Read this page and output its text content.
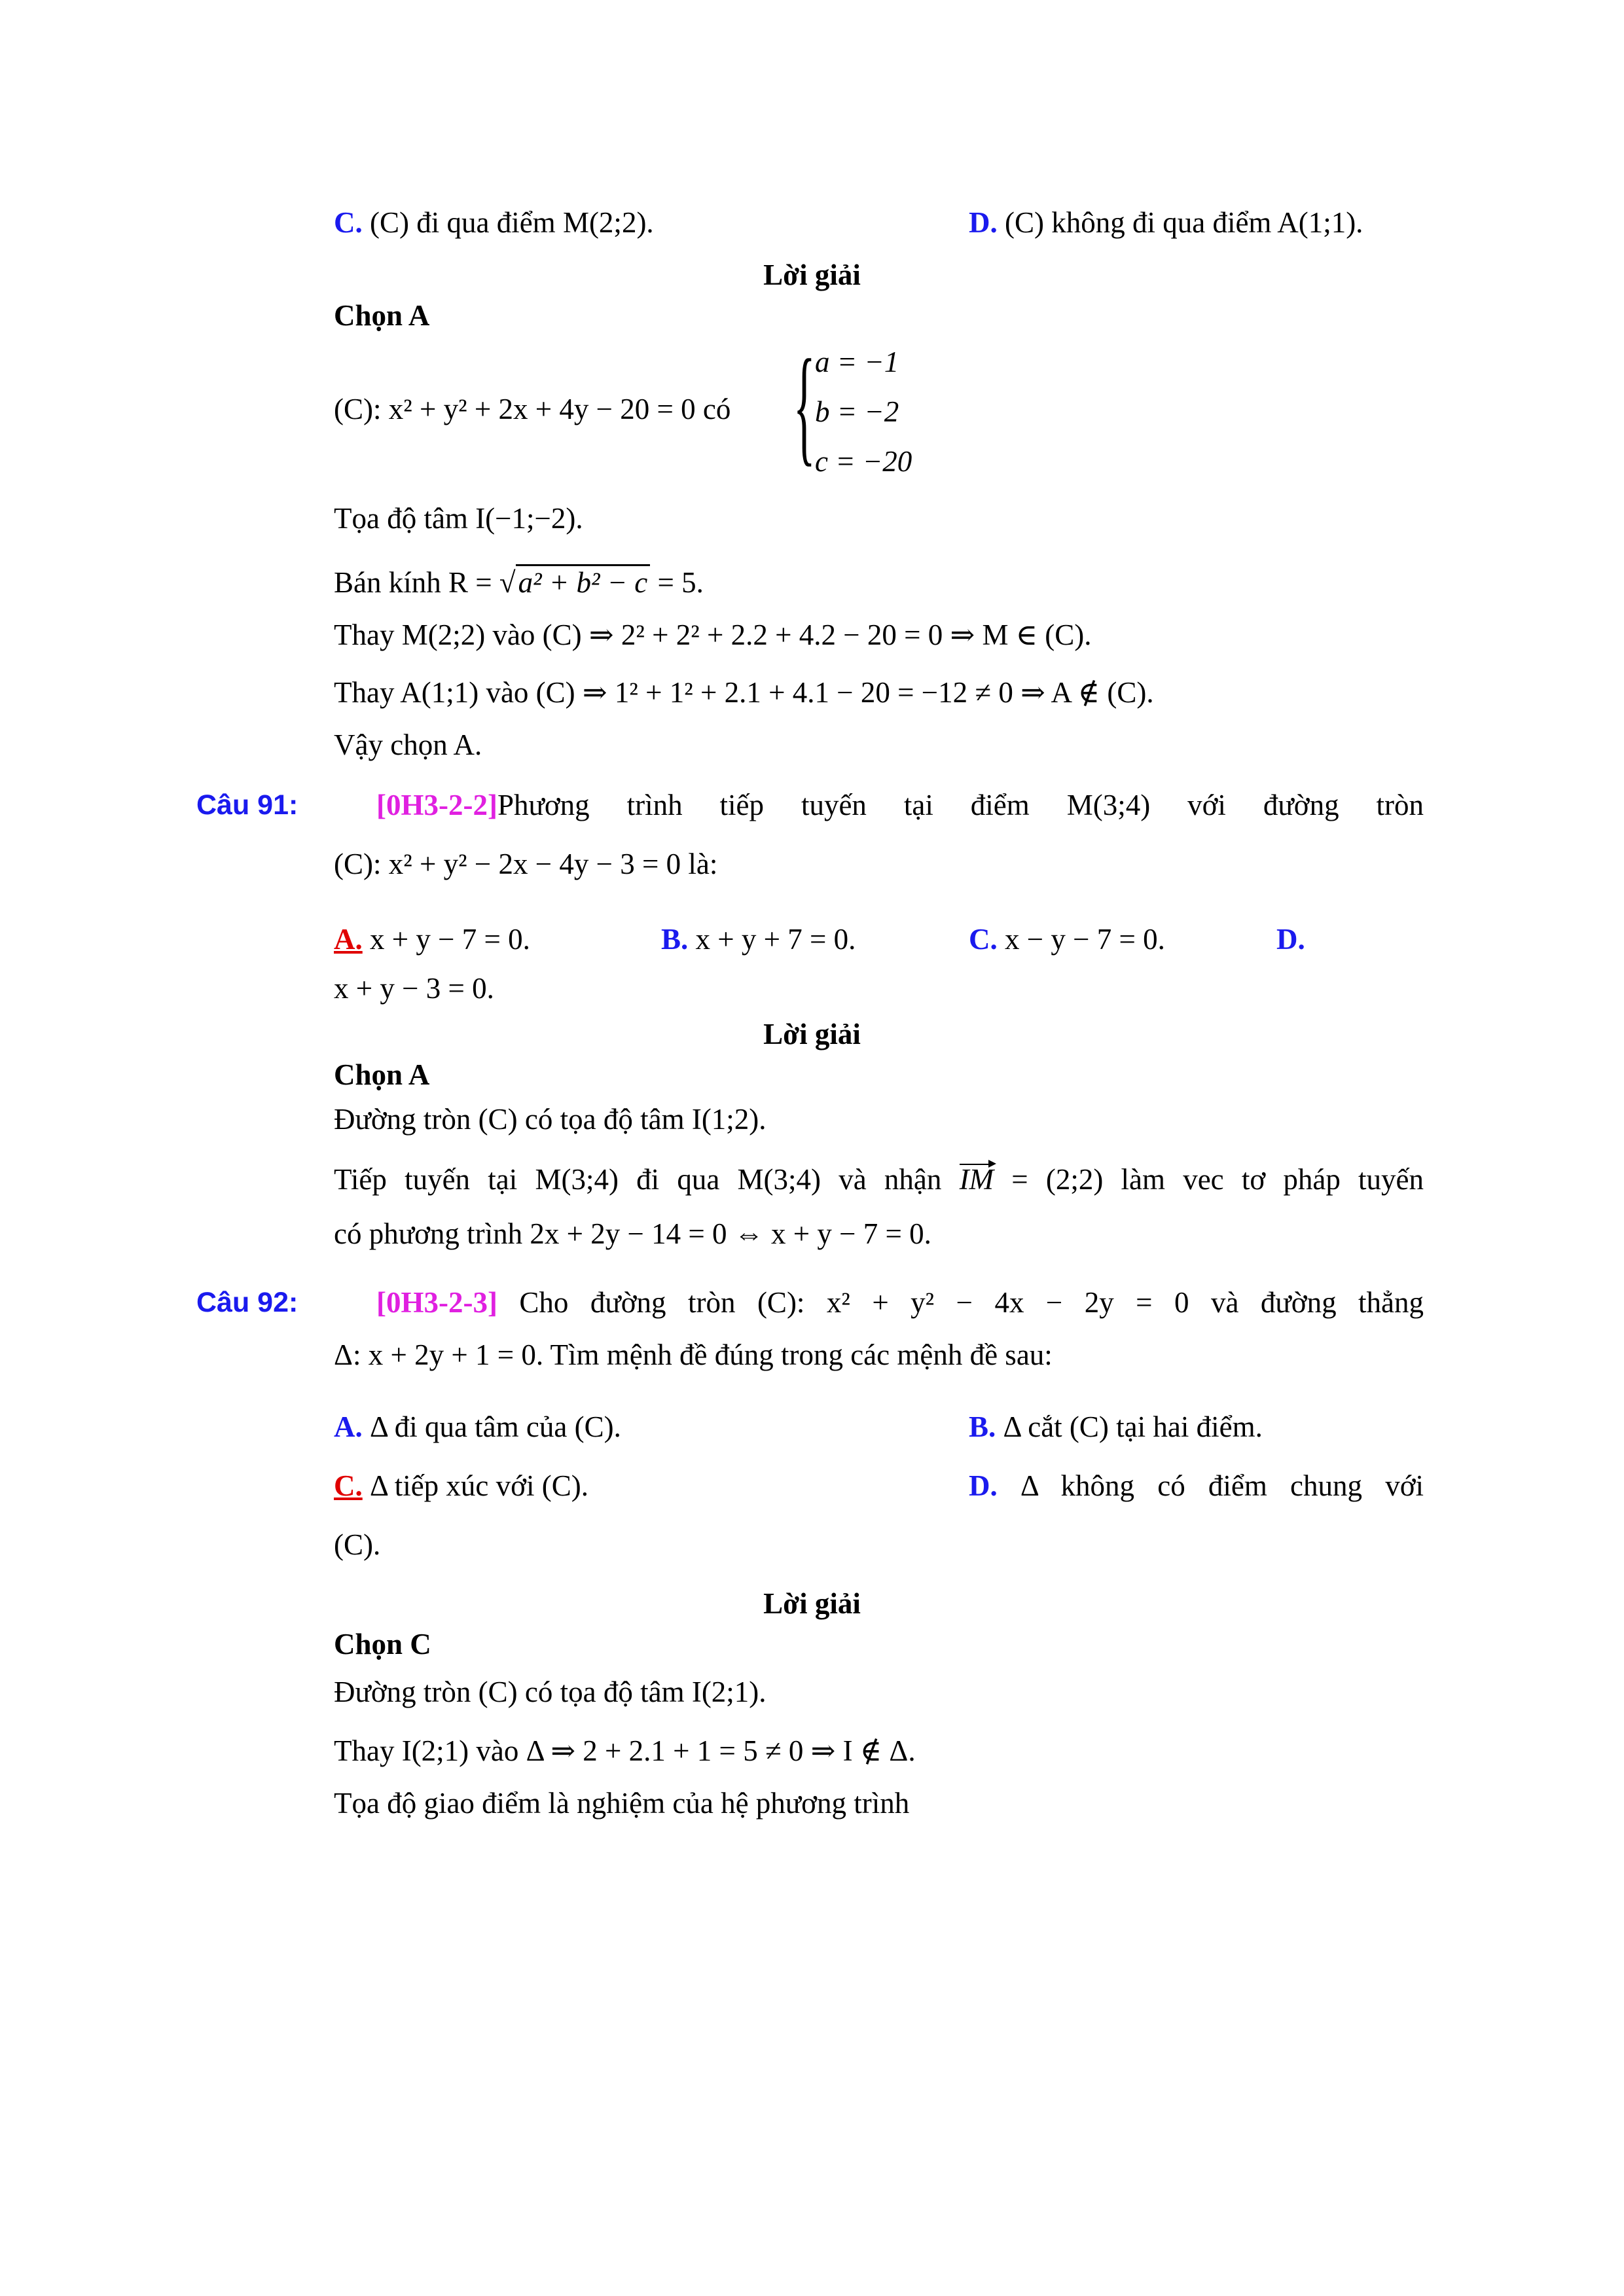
C. (C) đi qua điểm M(2;2).	D. (C) không đi qua điểm A(1;1).
Lời giải
Chọn A
(C): x² + y² + 2x + 4y − 20 = 0 có { a = −1
b = −2
c = −20
Tọa độ tâm I(−1;−2).
Bán kính R = √a² + b² − c = 5.
Thay M(2;2) vào (C) ⇒ 2² + 2² + 2.2 + 4.2 − 20 = 0 ⇒ M ∈ (C).
Thay A(1;1) vào (C) ⇒ 1² + 1² + 2.1 + 4.1 − 20 = −12 ≠ 0 ⇒ A ∉ (C).
Vậy chọn A.
Câu 91:	[0H3-2-2]Phương trình tiếp tuyến tại điểm M(3;4) với đường tròn
(C): x² + y² − 2x − 4y − 3 = 0 là:
A. x + y − 7 = 0.	B. x + y + 7 = 0.	C. x − y − 7 = 0.	D.
x + y − 3 = 0.
Lời giải
Chọn A
Đường tròn (C) có tọa độ tâm I(1;2).
Tiếp tuyến tại M(3;4) đi qua M(3;4) và nhận IM = (2;2) làm vec tơ pháp tuyến
có phương trình 2x + 2y − 14 = 0 ⇔ x + y − 7 = 0.
Câu 92:	[0H3-2-3] Cho đường tròn (C): x² + y² − 4x − 2y = 0 và đường thẳng
Δ: x + 2y + 1 = 0. Tìm mệnh đề đúng trong các mệnh đề sau:
A. Δ đi qua tâm của (C).	B. Δ cắt (C) tại hai điểm.
C. Δ tiếp xúc với (C).	D. Δ không có điểm chung với
(C).
Lời giải
Chọn C
Đường tròn (C) có tọa độ tâm I(2;1).
Thay I(2;1) vào Δ ⇒ 2 + 2.1 + 1 = 5 ≠ 0 ⇒ I ∉ Δ.
Tọa độ giao điểm là nghiệm của hệ phương trình
